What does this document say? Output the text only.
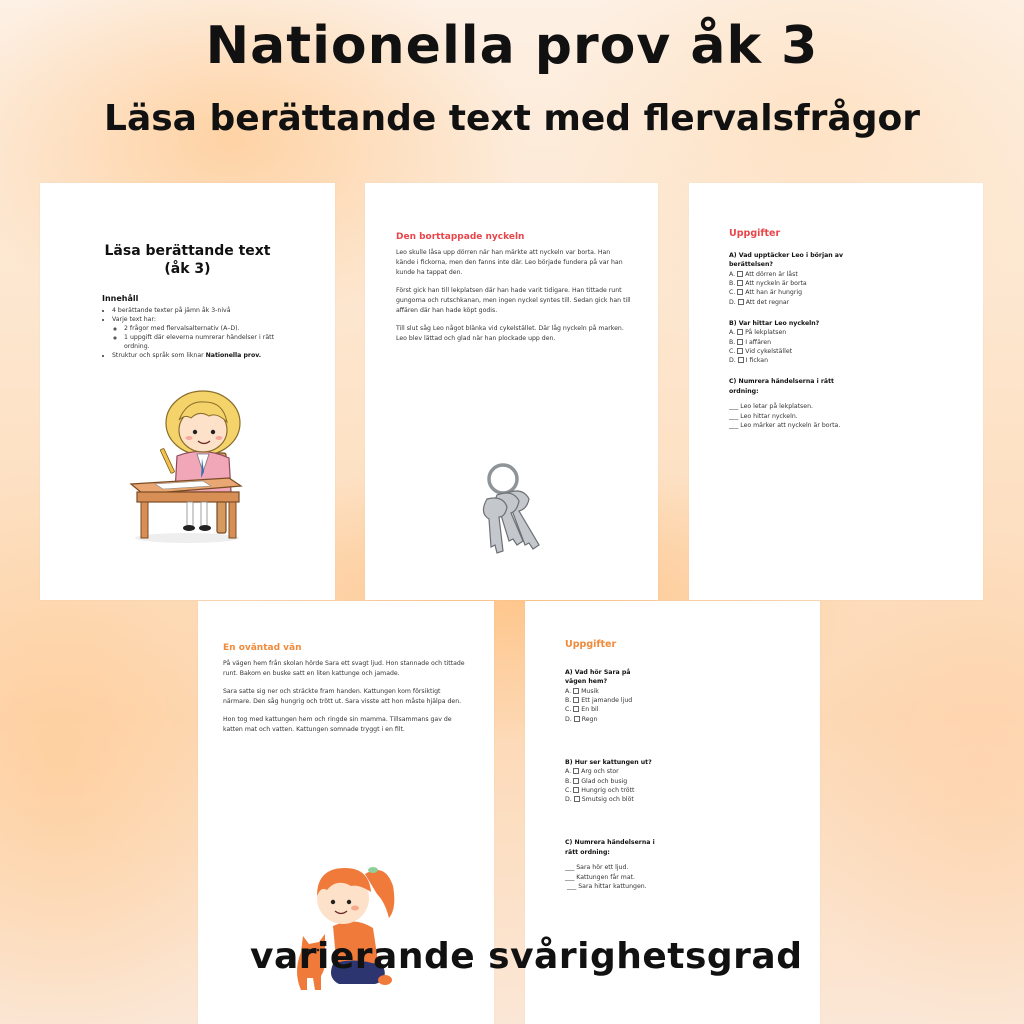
Nationella prov åk 3
Läsa berättande text med flervalsfrågor
Läsa berättande text
(åk 3)
Innehåll
• 4 berättande texter på jämn åk 3-nivå
• Varje text har:
◦ 2 frågor med flervalsalternativ (A–D).
◦ 1 uppgift där eleverna numrerar händelser i rätt ordning.
• Struktur och språk som liknar Nationella prov.
Den borttappade nyckeln

Leo skulle låsa upp dörren när han märkte att nyckeln var borta. Han kände i fickorna, men den fanns inte där. Leo började fundera på var han kunde ha tappat den.

Först gick han till lekplatsen där han hade varit tidigare. Han tittade runt gungorna och rutschkanan, men ingen nyckel syntes till. Sedan gick han till affären där han hade köpt godis.

Till slut såg Leo något blänka vid cykelstället. Där låg nyckeln på marken. Leo blev lättad och glad när han plockade upp den.

Uppgifter
A) Vad upptäcker Leo i början av berättelsen?
A. Att dörren är låst
B. Att nyckeln är borta
C. Att han är hungrig
D. Att det regnar
B) Var hittar Leo nyckeln?
A. På lekplatsen
B. I affären
C. Vid cykelstället
D. I fickan
C) Numrera händelserna i rätt ordning:
___ Leo letar på lekplatsen.
___ Leo hittar nyckeln.
___ Leo märker att nyckeln är borta.
En oväntad vän

På vägen hem från skolan hörde Sara ett svagt ljud. Hon stannade och tittade runt. Bakom en buske satt en liten kattunge och jamade.

Sara satte sig ner och sträckte fram handen. Kattungen kom försiktigt närmare. Den såg hungrig och trött ut. Sara visste att hon måste hjälpa den.

Hon tog med kattungen hem och ringde sin mamma. Tillsammans gav de katten mat och vatten. Kattungen somnade tryggt i en filt.

Uppgifter
A) Vad hör Sara på vägen hem?
A. Musik
B. Ett jamande ljud
C. En bil
D. Regn
B) Hur ser kattungen ut?
A. Arg och stor
B. Glad och busig
C. Hungrig och trött
D. Smutsig och blöt
C) Numrera händelserna i rätt ordning:
___ Sara hör ett ljud.
___ Kattungen får mat.
___ Sara hittar kattungen.
varierande svårighetsgrad
